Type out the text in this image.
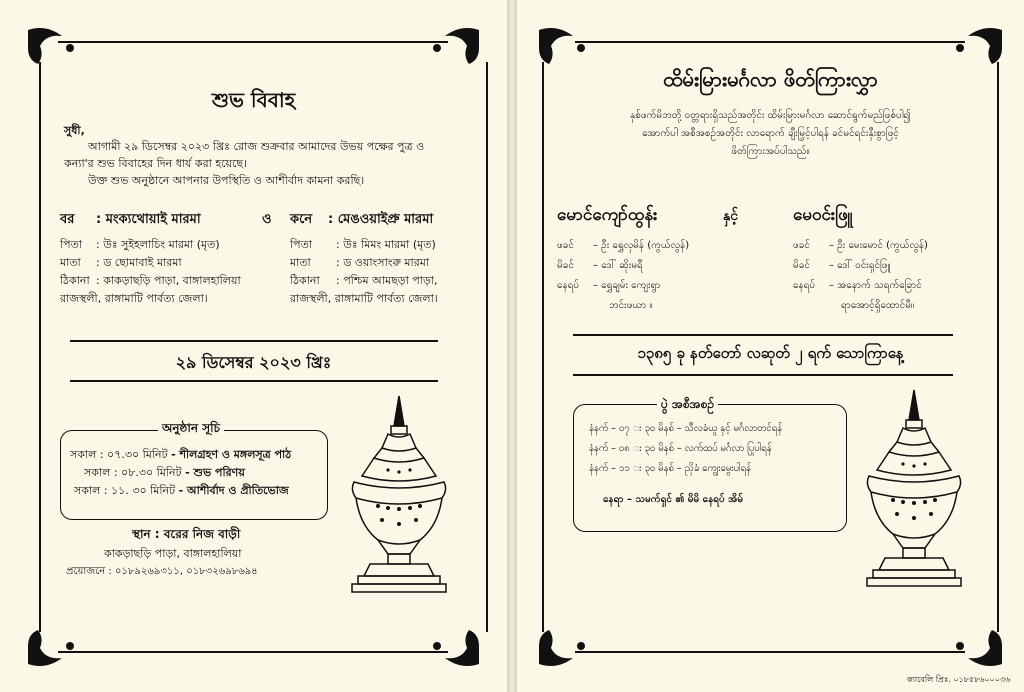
শুভ বিবাহ
সুধী,
আগামী ২৯ ডিসেম্বর ২০২৩ খ্রিঃ রোজ শুক্রবার আমাদের উভয় পক্ষের পুত্র ও
কন্যা'র শুভ বিবাহের দিন ধার্য করা হয়েছে।
উক্ত শুভ অনুষ্ঠানে আপনার উপস্থিতি ও আশীর্বাদ কামনা করছি।
বর : মংক্যথোয়াই মারমা	ও
পিতা : উঃ সুইহলাচিং মারমা (মৃত)
মাতা : ড ছোমাবাই মারমা
ঠিকানা : কাকড়াছড়ি পাড়া, বাঙ্গালহালিয়া
রাজস্থলী, রাঙ্গামাটি পার্বত্য জেলা।
কনে : মেঙওয়াইপ্রু মারমা
পিতা : উঃ মিমং মারমা (মৃত)
মাতা : ড ওয়াংসাংরু মারমা
ঠিকানা : পশ্চিম আমছড়া পাড়া,
রাজস্থলী, রাঙ্গামাটি পার্বত্য জেলা।
২৯ ডিসেম্বর ২০২৩ খ্রিঃ
অনুষ্ঠান সূচি
সকাল : ০৭.৩০ মিনিট - শীলগ্রহণ ও মঙ্গলসূত্র পাঠ
সকাল : ০৮.৩০ মিনিট - শুভ পরিণয়
সকাল : ১১. ৩০ মিনিট - আশীর্বাদ ও প্রীতিভোজ
স্থান : বরের নিজ বাড়ী
কাকড়াছড়ি পাড়া, বাঙ্গালহালিয়া
প্রয়োজনে : ০১৮৯২৬৯৩১১, ০১৮৩২৬৯৮৬৯৪
ထိမ်းမြားမင်္ဂလာ ဖိတ်ကြားလွှာ
နှစ်ဖက်မိဘတို့ ဝတ္တရားရှိသည်အတိုင်း ထိမ်းမြားမင်္ဂလာ ဆောင်ရွက်မည်ဖြစ်ပါ၍
အောက်ပါ အစီအစဉ်အတိုင်း လာရောက် ချီးမြှင့်ပါရန် ခင်မင်ရင်းနှီးစွာဖြင့်
ဖိတ်ကြားအပ်ပါသည်။
မောင်ကျော်ထွန်း	နှင့်
ဖခင် – ဦး ရွှေလှမိန် (ကွယ်လွန်)
မိခင် – ဒေါ် ဆိုးမရီ
နေရပ် – ရွှေချမ်း ကျေးရွာ
ဘင်းဖယာ ။
မေဝင်းဖြူ
ဖခင် – ဦး မေးမောင် (ကွယ်လွန်)
မိခင် – ဒေါ် ဝင်းရှင်ဖြူ
နေရပ် – အနောက် သရက်ခြောင်
ရာအောင့်ရှိထောင်မီ။
၁၃၈၅ ခု နတ်တော် လဆုတ် ၂ ရက် သောကြာနေ့
ပွဲ အစီအစဉ်
နံနက် – ၀၇ း ၃၀ မိနစ် – သီလခံယူ နှင့် မင်္ဂလာတင်ရန်
နံနက် – ၀၈ း ၃၀ မိနစ် – လက်ထပ် မင်္ဂလာ ပြုပါရန်
နံနက် – ၁၁ း ၃၀ မိနစ် – ညှိခံ ကျွေးမွေးပါရန်
နေရာ – သမက်ရှင် ၏ မိမိ နေရပ် အိမ်
ক্যাবেলি প্রিঃ. ০১৮৫৮৬০০০৩৬
